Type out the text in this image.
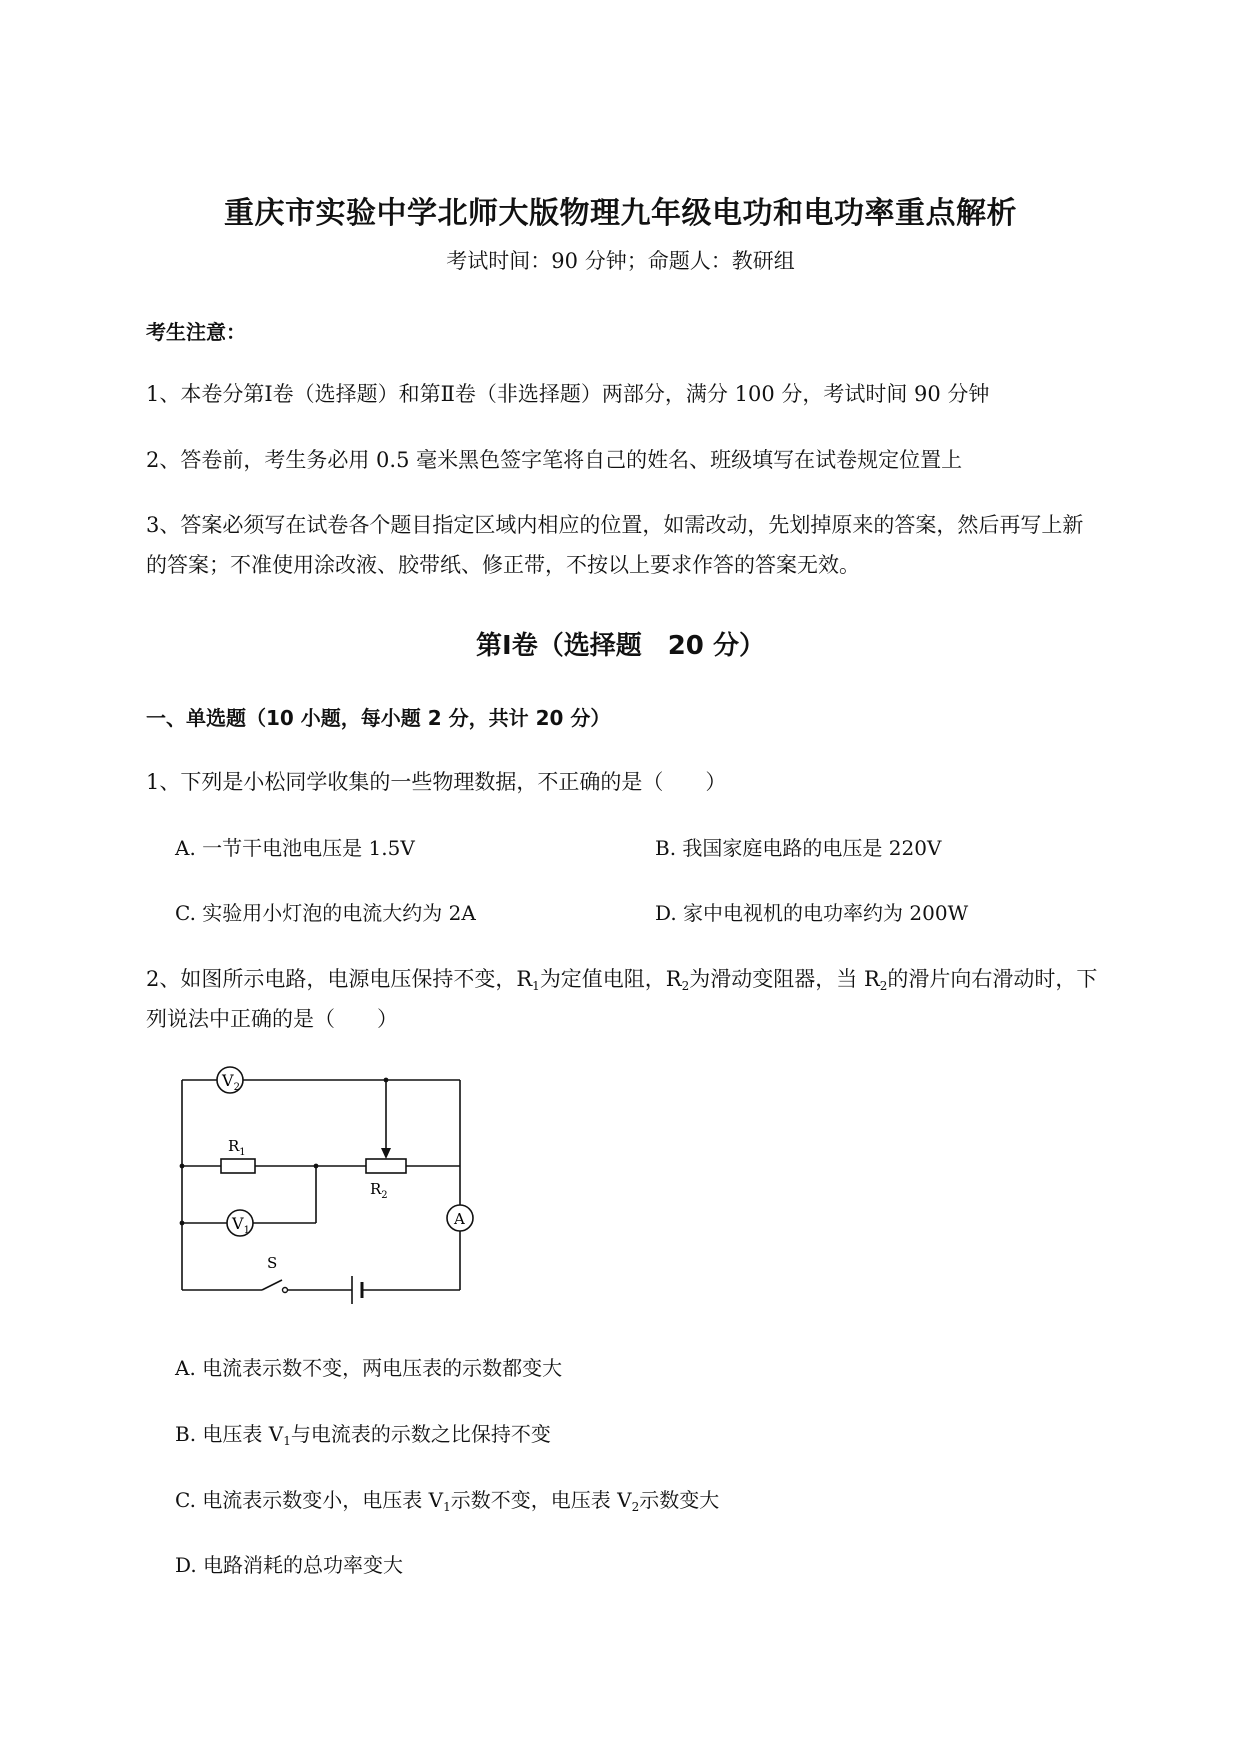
重庆市实验中学北师大版物理九年级电功和电功率重点解析
考试时间：90 分钟；命题人：教研组
考生注意：
1、本卷分第Ⅰ卷（选择题）和第Ⅱ卷（非选择题）两部分，满分 100 分，考试时间 90 分钟
2、答卷前，考生务必用 0.5 毫米黑色签字笔将自己的姓名、班级填写在试卷规定位置上
3、答案必须写在试卷各个题目指定区域内相应的位置，如需改动，先划掉原来的答案，然后再写上新
的答案；不准使用涂改液、胶带纸、修正带，不按以上要求作答的答案无效。
第Ⅰ卷（选择题　20 分）
一、单选题（10 小题，每小题 2 分，共计 20 分）
1、下列是小松同学收集的一些物理数据，不正确的是（　　）
A. 一节干电池电压是 1.5V	B. 我国家庭电路的电压是 220V
C. 实验用小灯泡的电流大约为 2A	D. 家中电视机的电功率约为 200W
2、如图所示电路，电源电压保持不变，$R_1$为定值电阻，$R_2$为滑动变阻器，当 $R_2$的滑片向右滑动时，下
列说法中正确的是（　　）
$V_2$
$R_1$
$R_2$
$V_1$
A
S
A. 电流表示数不变，两电压表的示数都变大
B. 电压表 $V_1$与电流表的示数之比保持不变
C. 电流表示数变小，电压表 $V_1$示数不变，电压表 $V_2$示数变大
D. 电路消耗的总功率变大
